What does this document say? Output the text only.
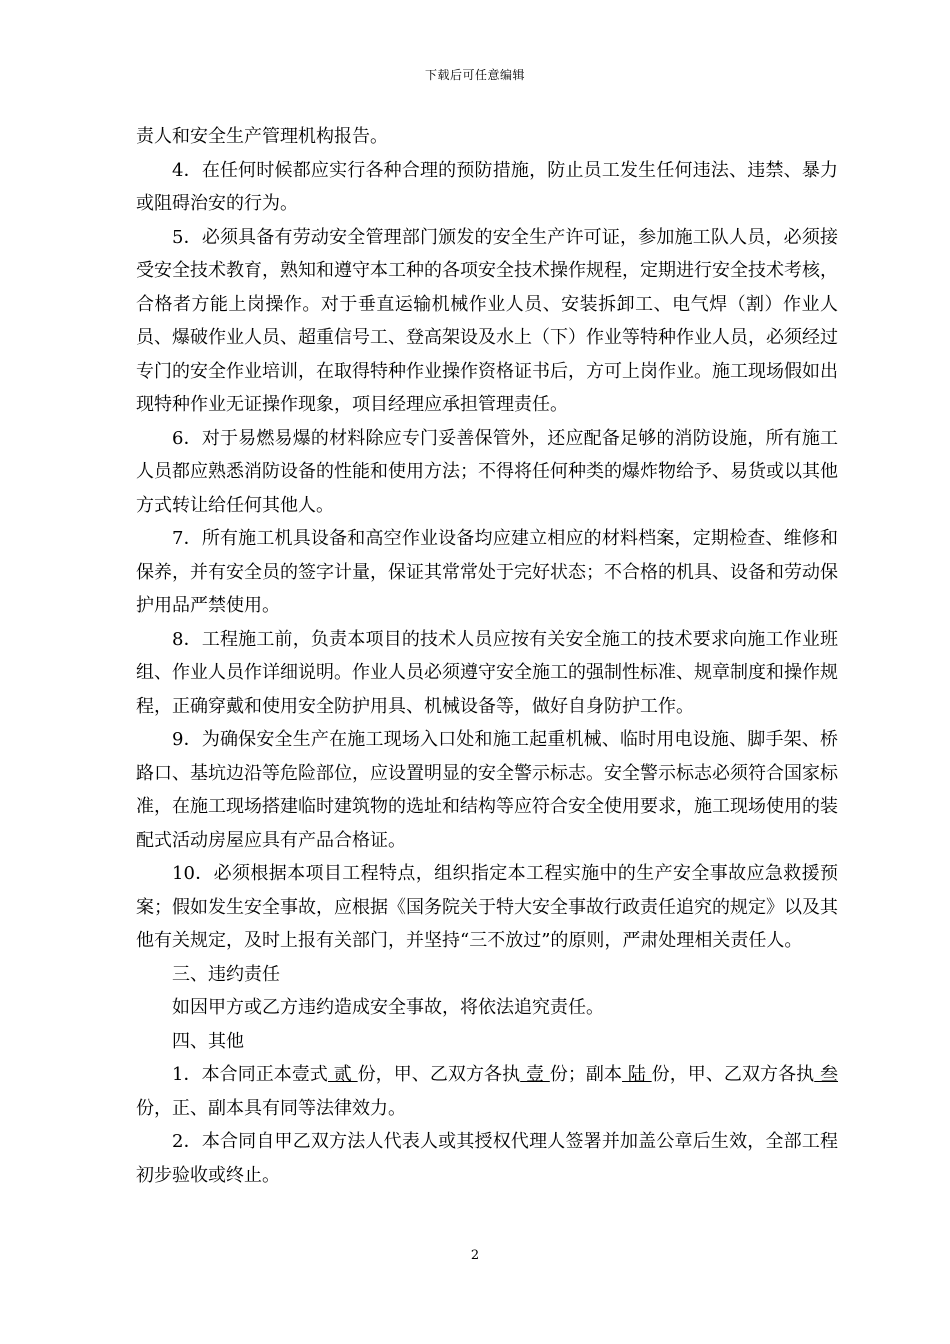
下载后可任意编辑

责人和安全生产管理机构报告。

4．在任何时候都应实行各种合理的预防措施，防止员工发生任何违法、违禁、暴力或阻碍治安的行为。

5．必须具备有劳动安全管理部门颁发的安全生产许可证，参加施工队人员，必须接受安全技术教育，熟知和遵守本工种的各项安全技术操作规程，定期进行安全技术考核，合格者方能上岗操作。对于垂直运输机械作业人员、安装拆卸工、电气焊（割）作业人员、爆破作业人员、超重信号工、登高架设及水上（下）作业等特种作业人员，必须经过专门的安全作业培训，在取得特种作业操作资格证书后，方可上岗作业。施工现场假如出现特种作业无证操作现象，项目经理应承担管理责任。

6．对于易燃易爆的材料除应专门妥善保管外，还应配备足够的消防设施，所有施工人员都应熟悉消防设备的性能和使用方法；不得将任何种类的爆炸物给予、易货或以其他方式转让给任何其他人。

7．所有施工机具设备和高空作业设备均应建立相应的材料档案，定期检查、维修和保养，并有安全员的签字计量，保证其常常处于完好状态；不合格的机具、设备和劳动保护用品严禁使用。

8．工程施工前，负责本项目的技术人员应按有关安全施工的技术要求向施工作业班组、作业人员作详细说明。作业人员必须遵守安全施工的强制性标准、规章制度和操作规程，正确穿戴和使用安全防护用具、机械设备等，做好自身防护工作。

9．为确保安全生产在施工现场入口处和施工起重机械、临时用电设施、脚手架、桥路口、基坑边沿等危险部位，应设置明显的安全警示标志。安全警示标志必须符合国家标准，在施工现场搭建临时建筑物的选址和结构等应符合安全使用要求，施工现场使用的装配式活动房屋应具有产品合格证。

10．必须根据本项目工程特点，组织指定本工程实施中的生产安全事故应急救援预案；假如发生安全事故，应根据《国务院关于特大安全事故行政责任追究的规定》以及其他有关规定，及时上报有关部门，并坚持“三不放过”的原则，严肃处理相关责任人。

三、违约责任

如因甲方或乙方违约造成安全事故，将依法追究责任。

四、其他

1．本合同正本壹式 贰 份，甲、乙双方各执 壹 份；副本 陆 份，甲、乙双方各执 叁 份，正、副本具有同等法律效力。

2．本合同自甲乙双方法人代表人或其授权代理人签署并加盖公章后生效，全部工程初步验收或终止。

2
